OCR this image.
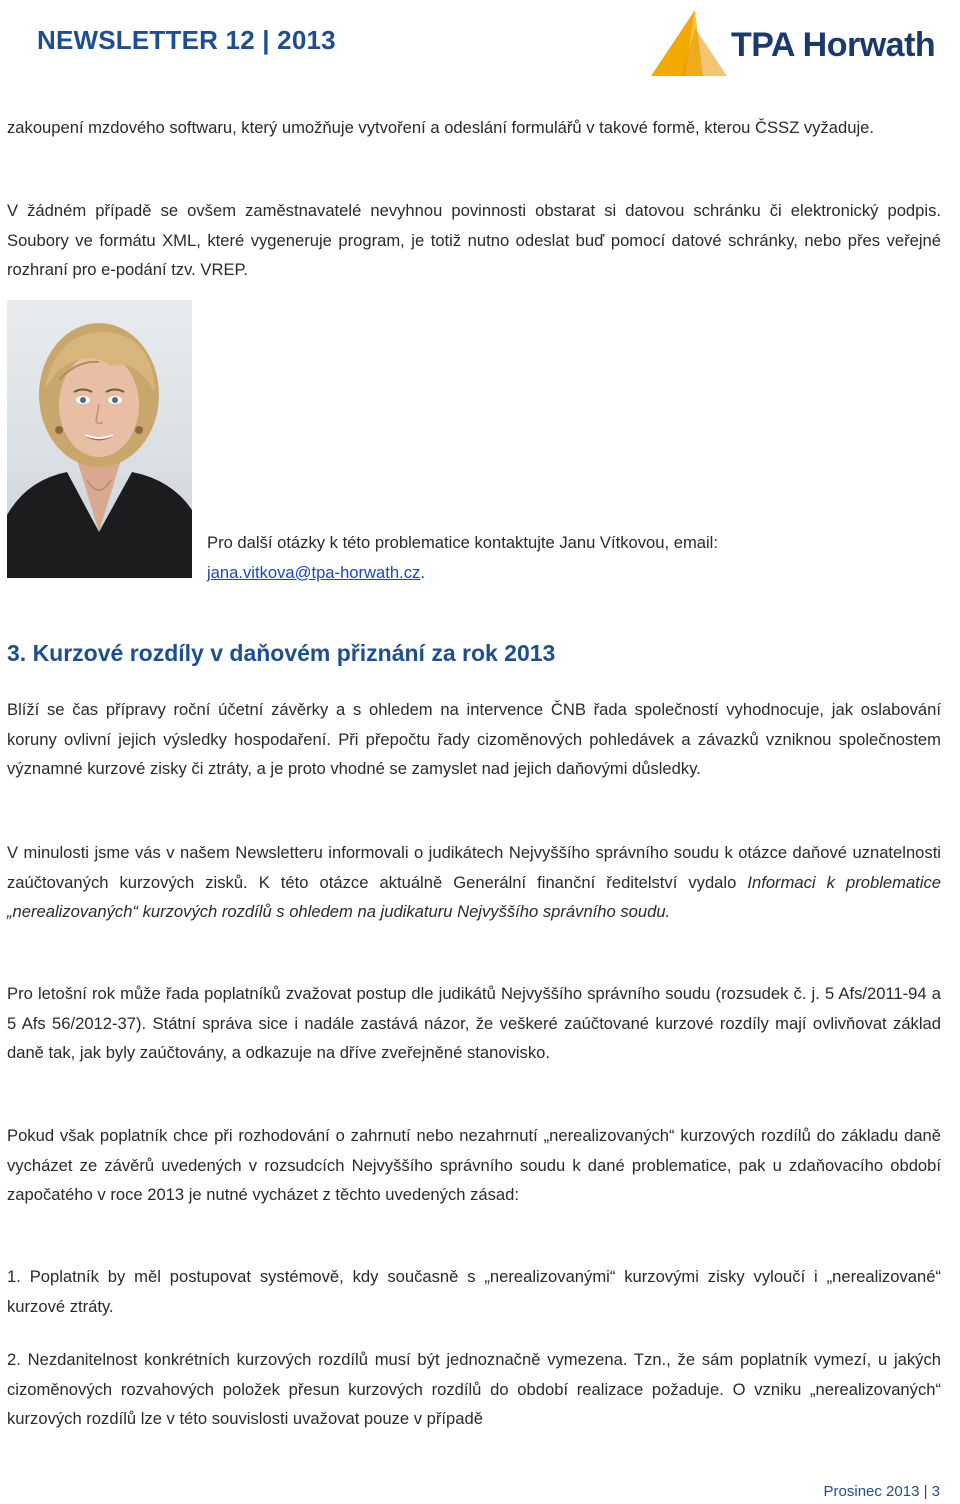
NEWSLETTER 12 | 2013	TPA Horwath

zakoupení mzdového softwaru, který umožňuje vytvoření a odeslání formulářů v takové formě, kterou ČSSZ vyžaduje.

V žádném případě se ovšem zaměstnavatelé nevyhnou povinnosti obstarat si datovou schránku či elektronický podpis. Soubory ve formátu XML, které vygeneruje program, je totiž nutno odeslat buď pomocí datové schránky, nebo přes veřejné rozhraní pro e-podání tzv. VREP.

Pro další otázky k této problematice kontaktujte Janu Vítkovou, email:
jana.vitkova@tpa-horwath.cz.

3. Kurzové rozdíly v daňovém přiznání za rok 2013

Blíží se čas přípravy roční účetní závěrky a s ohledem na intervence ČNB řada společností vyhodnocuje, jak oslabování koruny ovlivní jejich výsledky hospodaření. Při přepočtu řady cizoměnových pohledávek a závazků vzniknou společnostem významné kurzové zisky či ztráty, a je proto vhodné se zamyslet nad jejich daňovými důsledky.

V minulosti jsme vás v našem Newsletteru informovali o judikátech Nejvyššího správního soudu k otázce daňové uznatelnosti zaúčtovaných kurzových zisků. K této otázce aktuálně Generální finanční ředitelství vydalo Informaci k problematice „nerealizovaných“ kurzových rozdílů s ohledem na judikaturu Nejvyššího správního soudu.

Pro letošní rok může řada poplatníků zvažovat postup dle judikátů Nejvyššího správního soudu (rozsudek č. j. 5 Afs/2011-94 a 5 Afs 56/2012-37). Státní správa sice i nadále zastává názor, že veškeré zaúčtované kurzové rozdíly mají ovlivňovat základ daně tak, jak byly zaúčtovány, a odkazuje na dříve zveřejněné stanovisko.

Pokud však poplatník chce při rozhodování o zahrnutí nebo nezahrnutí „nerealizovaných“ kurzových rozdílů do základu daně vycházet ze závěrů uvedených v rozsudcích Nejvyššího správního soudu k dané problematice, pak u zdaňovacího období započatého v roce 2013 je nutné vycházet z těchto uvedených zásad:

1. Poplatník by měl postupovat systémově, kdy současně s „nerealizovanými“ kurzovými zisky vyloučí i „nerealizované“ kurzové ztráty.

2. Nezdanitelnost konkrétních kurzových rozdílů musí být jednoznačně vymezena. Tzn., že sám poplatník vymezí, u jakých cizoměnových rozvahových položek přesun kurzových rozdílů do období realizace požaduje. O vzniku „nerealizovaných“ kurzových rozdílů lze v této souvislosti uvažovat pouze v případě

Prosinec 2013 | 3
